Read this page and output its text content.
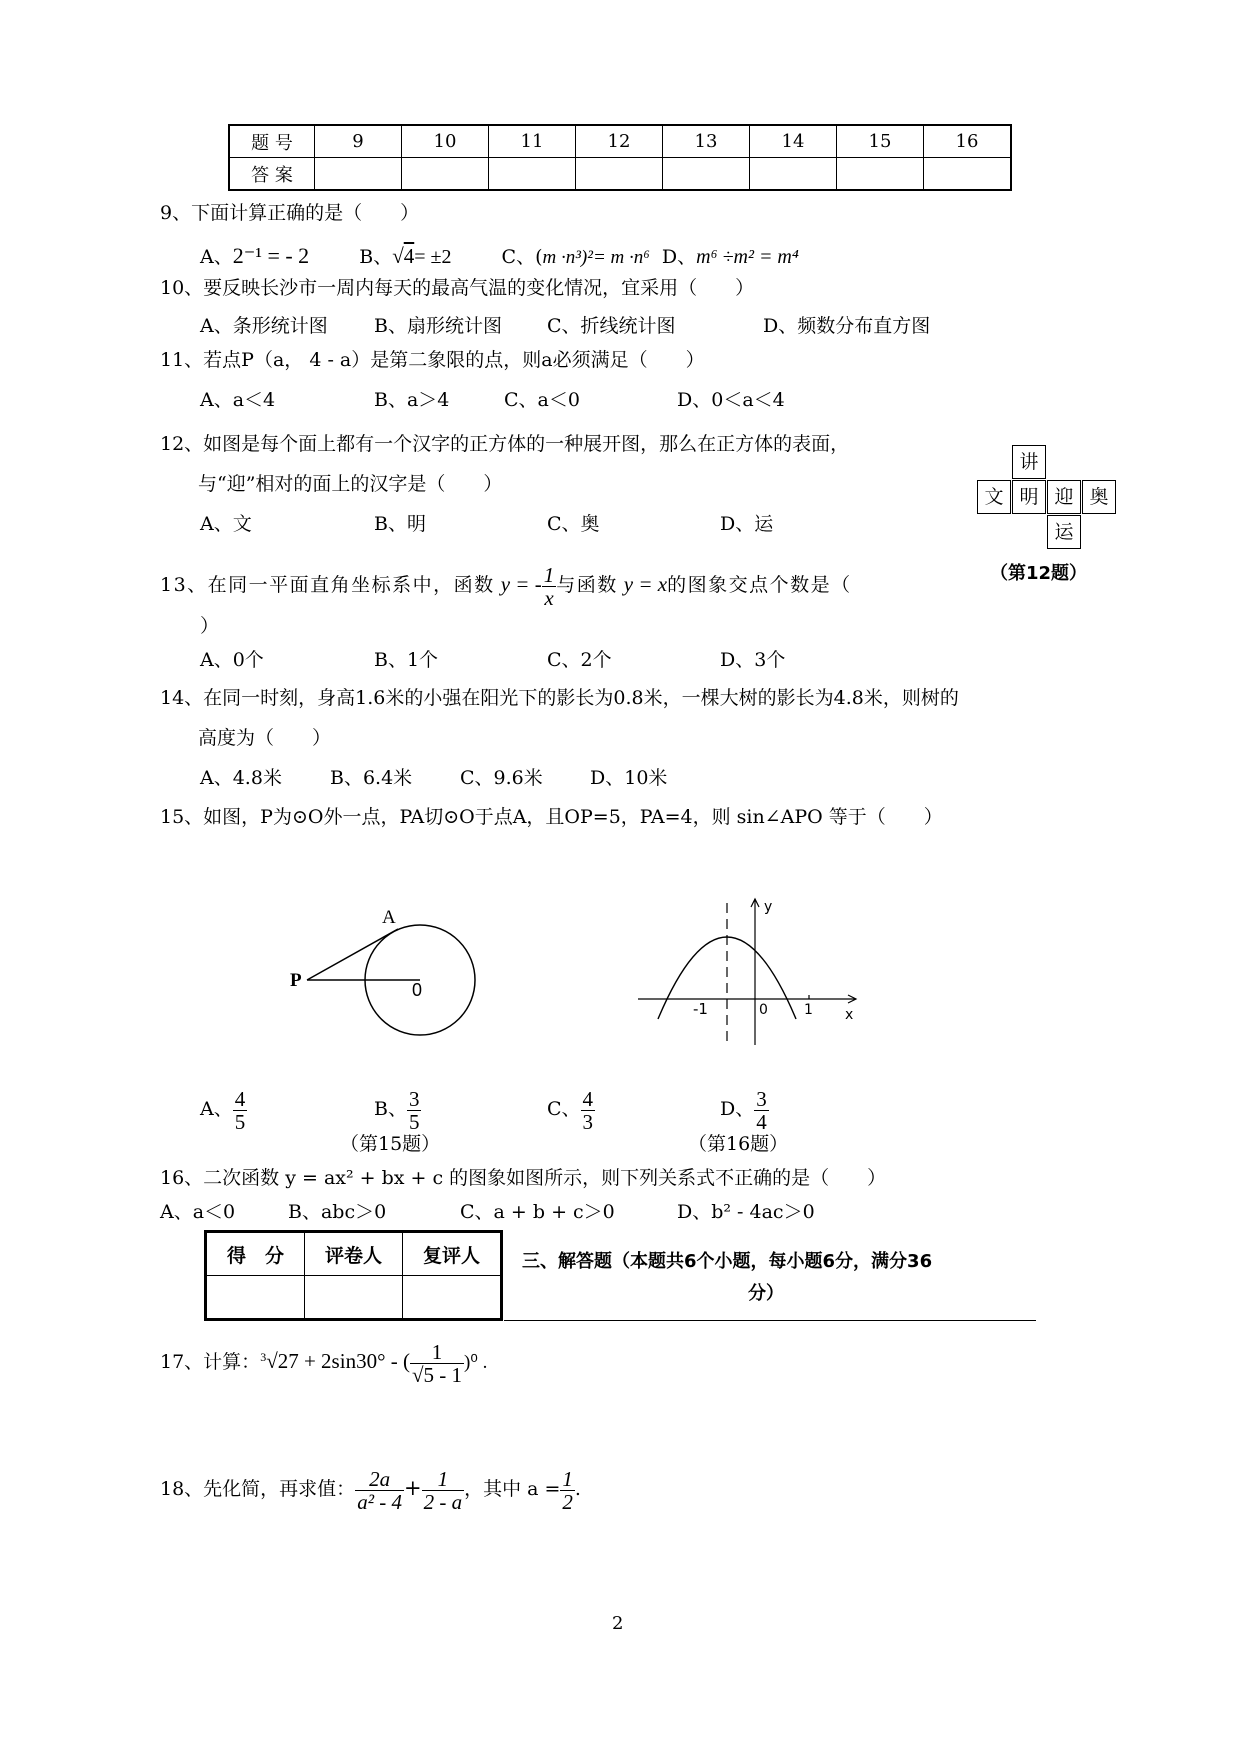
题 号	9	10	11	12	13	14	15	16
答 案								
9、下面计算正确的是（　　）
A、2⁻¹ = - 2	B、√4= ±2	C、(m ·n³)²= m ·n⁶ D、m⁶ ÷m² = m⁴
10、要反映长沙市一周内每天的最高气温的变化情况，宜采用（　　）
A、条形统计图 B、扇形统计图 C、折线统计图	D、频数分布直方图
11、若点P（a， 4 - a）是第二象限的点，则a必须满足（　　）
A、a＜4	B、a＞4	C、a＜0	D、0＜a＜4
12、如图是每个面上都有一个汉字的正方体的一种展开图，那么在正方体的表面，
与“迎”相对的面上的汉字是（　　）
A、文	B、明	C、奥	D、运
讲
文 明 迎 奥
运
（第12题）
13、在同一平面直角坐标系中，函数 y = - $\frac{1}{x}$ 与函数 y = x的图象交点个数是（
）
A、0个	B、1个	C、2个	D、3个
14、在同一时刻，身高1.6米的小强在阳光下的影长为0.8米，一棵大树的影长为4.8米，则树的
高度为（　　）
A、4.8米	B、6.4米	C、9.6米 D、10米
15、如图，P为⊙O外一点，PA切⊙O于点A，且OP=5，PA=4，则 sin∠APO 等于（　　）
A
P	0
y
x
-1	0	1
A、 $\frac{4}{5}$	B、 $\frac{3}{5}$	C、 $\frac{4}{3}$	D、 $\frac{3}{4}$
（第15题）	（第16题）
16、二次函数 y = ax² + bx + c 的图象如图所示，则下列关系式不正确的是（　　）
A、a＜0	B、abc＞0	C、a + b + c＞0	D、b² - 4ac＞0
得　分	评卷人	复评人
		三、解答题（本题共6个小题，每小题6分，满分36
分）
17、计算：$^3$√27 + 2sin30° - ( $\frac{1}{√5 - 1} )^0$ .
18、先化简，再求值： $\frac{2a}{\text{a² - 4}} + \frac{1}{2 - a}$ ，其中 $a = \frac{1}{2}$ .
2
